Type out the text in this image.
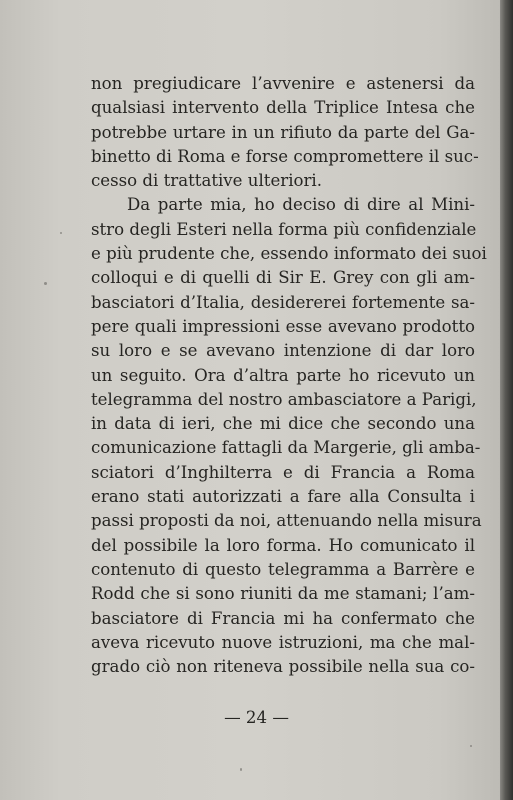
non pregiudicare l’avvenire e astenersi da
qualsiasi intervento della Triplice Intesa che
potrebbe urtare in un rifiuto da parte del Ga-
binetto di Roma e forse compromettere il suc-
cesso di trattative ulteriori.
Da parte mia, ho deciso di dire al Mini-
stro degli Esteri nella forma più confidenziale
e più prudente che, essendo informato dei suoi
colloqui e di quelli di Sir E. Grey con gli am-
basciatori d’Italia, desidererei fortemente sa-
pere quali impressioni esse avevano prodotto
su loro e se avevano intenzione di dar loro
un seguito. Ora d’altra parte ho ricevuto un
telegramma del nostro ambasciatore a Parigi,
in data di ieri, che mi dice che secondo una
comunicazione fattagli da Margerie, gli amba-
sciatori d’Inghilterra e di Francia a Roma
erano stati autorizzati a fare alla Consulta i
passi proposti da noi, attenuando nella misura
del possibile la loro forma. Ho comunicato il
contenuto di questo telegramma a Barrère e
Rodd che si sono riuniti da me stamani; l’am-
basciatore di Francia mi ha confermato che
aveva ricevuto nuove istruzioni, ma che mal-
grado ciò non riteneva possibile nella sua co-
— 24 —
